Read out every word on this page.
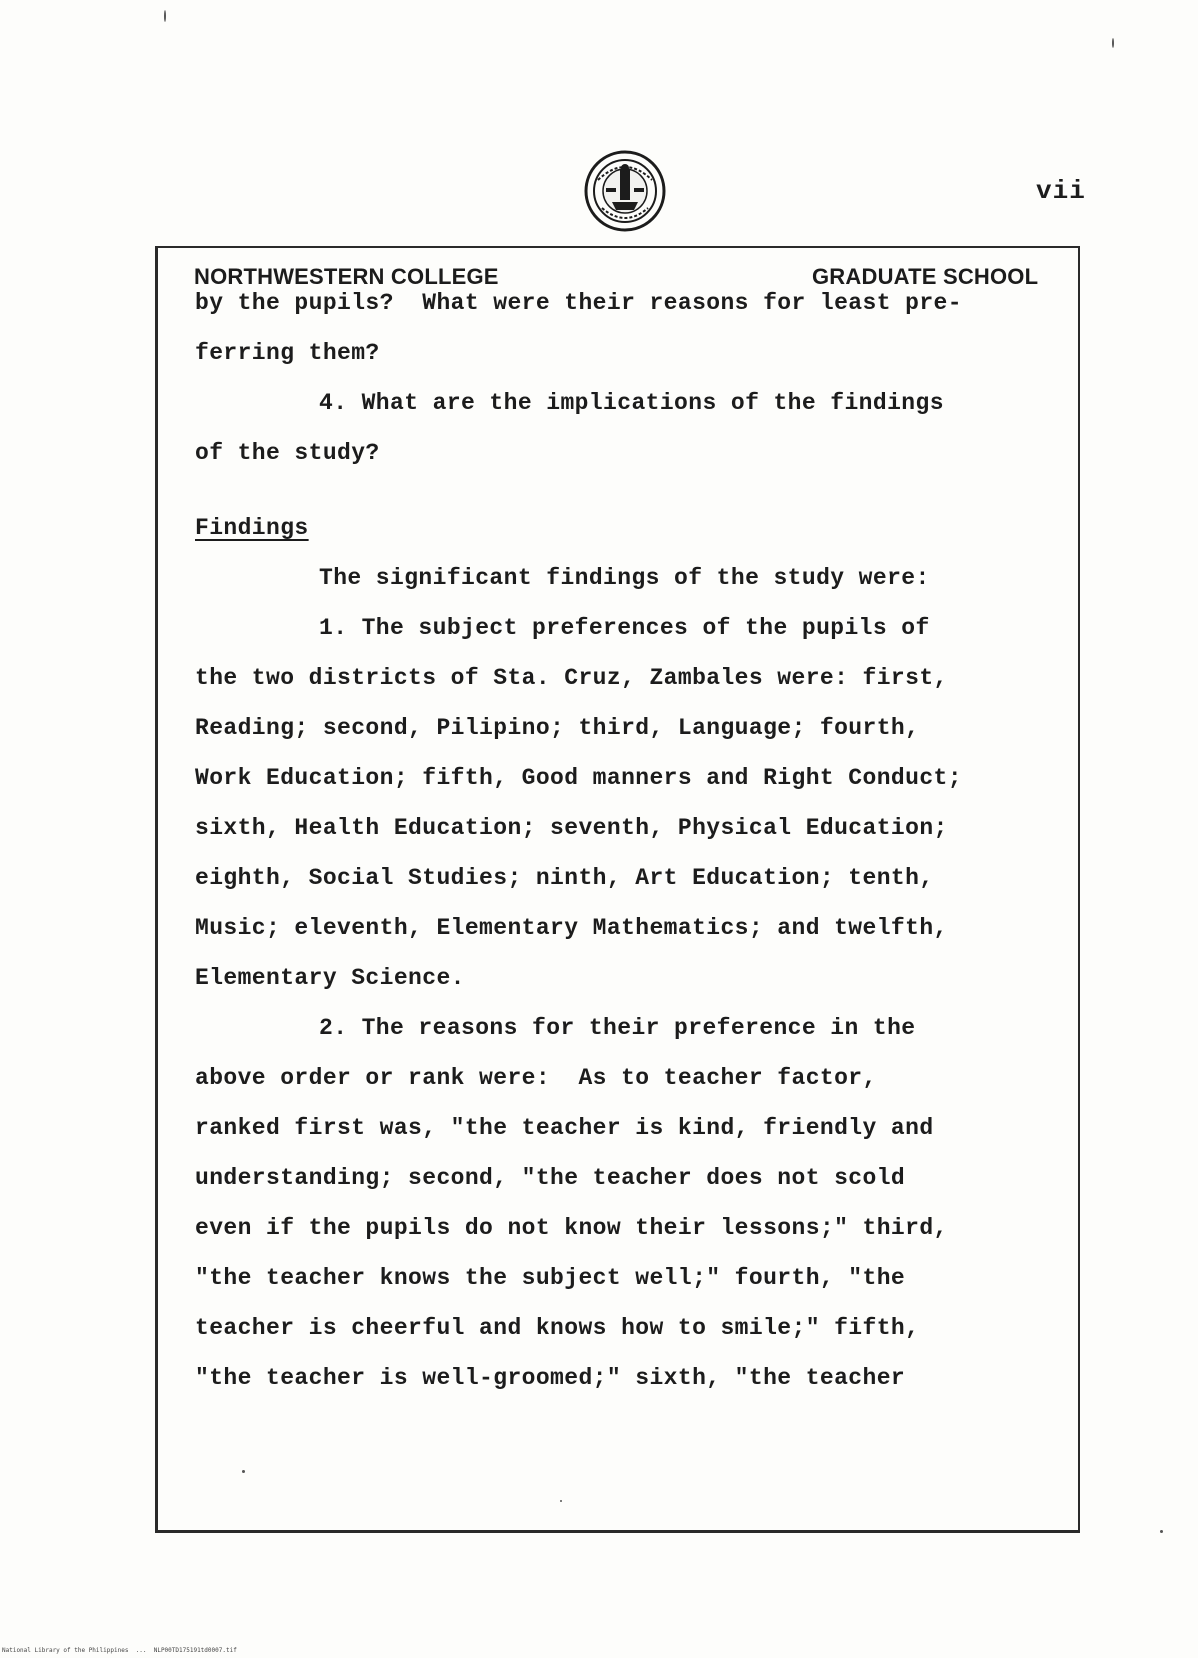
vii
NORTHWESTERN COLLEGE	GRADUATE SCHOOL
by the pupils?  What were their reasons for least pre-
ferring them?
4. What are the implications of the findings
of the study?
Findings
The significant findings of the study were:
1. The subject preferences of the pupils of
the two districts of Sta. Cruz, Zambales were: first,
Reading; second, Pilipino; third, Language; fourth,
Work Education; fifth, Good manners and Right Conduct;
sixth, Health Education; seventh, Physical Education;
eighth, Social Studies; ninth, Art Education; tenth,
Music; eleventh, Elementary Mathematics; and twelfth,
Elementary Science.
2. The reasons for their preference in the
above order or rank were:  As to teacher factor,
ranked first was, "the teacher is kind, friendly and
understanding; second, "the teacher does not scold
even if the pupils do not know their lessons;" third,
"the teacher knows the subject well;" fourth, "the
teacher is cheerful and knows how to smile;" fifth,
"the teacher is well-groomed;" sixth, "the teacher
National Library of the Philippines  ...  NLP00TD175191td0007.tif
